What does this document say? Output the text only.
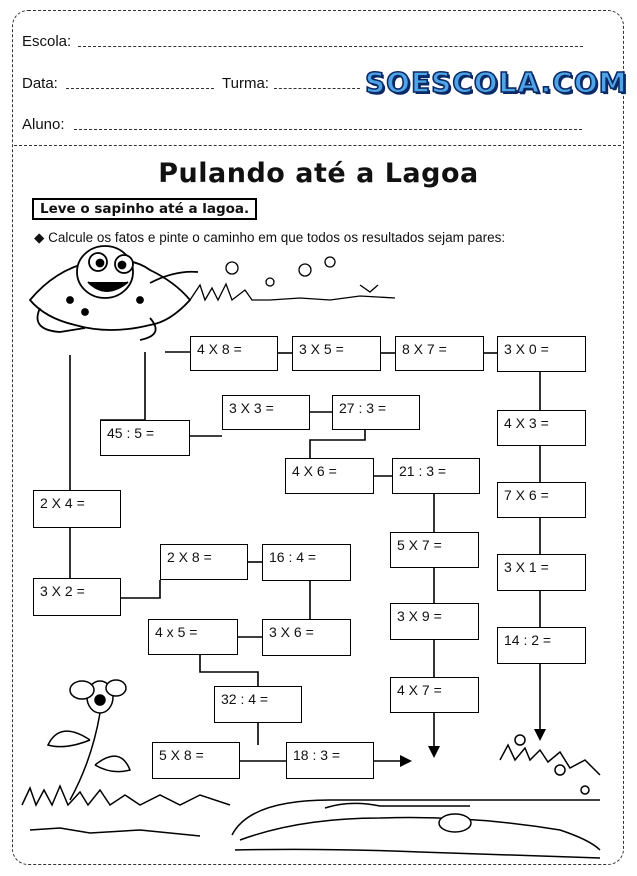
Escola:
Data:	Turma:	SOESCOLA.COM
Aluno:
Pulando até a Lagoa
Leve o sapinho até a lagoa.
◆ Calcule os fatos e pinte o caminho em que todos os resultados sejam pares:
4 X 8 =	3 X 5 =	8 X 7 =	3 X 0 =
3 X 3 =	27 : 3 =
45 : 5 =
4 X 3 =
4 X 6 =	21 : 3 =
2 X 4 =	7 X 6 =
2 X 8 =	16 : 4 =
5 X 7 =
3 X 1 =
3 X 2 =
4 x 5 =	3 X 6 =
3 X 9 =
14 : 2 =
32 : 4 =
4 X 7 =
5 X 8 =	18 : 3 =
